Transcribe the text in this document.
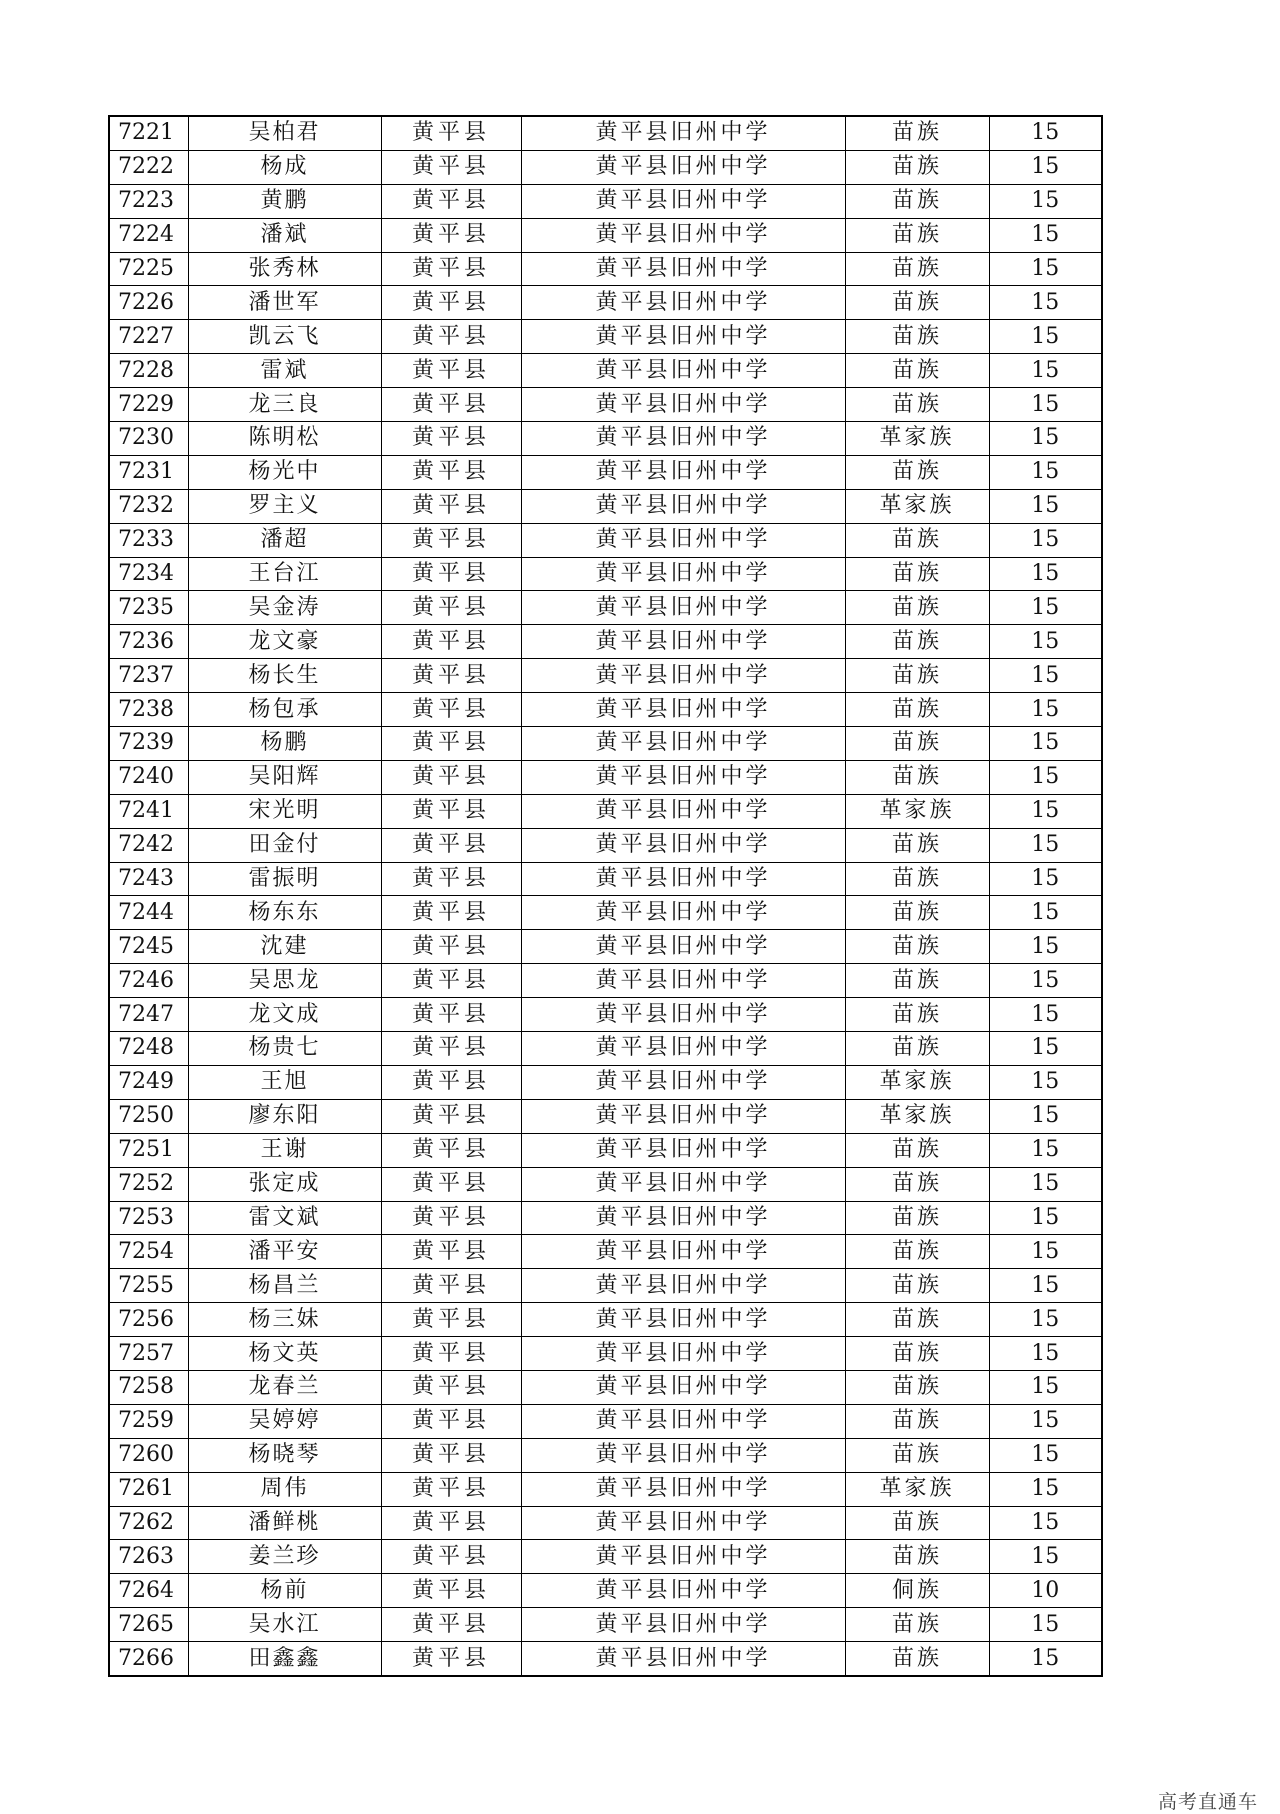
7221	吴柏君	黄平县	黄平县旧州中学	苗族	15
7222	杨成	黄平县	黄平县旧州中学	苗族	15
7223	黄鹏	黄平县	黄平县旧州中学	苗族	15
7224	潘斌	黄平县	黄平县旧州中学	苗族	15
7225	张秀林	黄平县	黄平县旧州中学	苗族	15
7226	潘世军	黄平县	黄平县旧州中学	苗族	15
7227	凯云飞	黄平县	黄平县旧州中学	苗族	15
7228	雷斌	黄平县	黄平县旧州中学	苗族	15
7229	龙三良	黄平县	黄平县旧州中学	苗族	15
7230	陈明松	黄平县	黄平县旧州中学	革家族	15
7231	杨光中	黄平县	黄平县旧州中学	苗族	15
7232	罗主义	黄平县	黄平县旧州中学	革家族	15
7233	潘超	黄平县	黄平县旧州中学	苗族	15
7234	王台江	黄平县	黄平县旧州中学	苗族	15
7235	吴金涛	黄平县	黄平县旧州中学	苗族	15
7236	龙文豪	黄平县	黄平县旧州中学	苗族	15
7237	杨长生	黄平县	黄平县旧州中学	苗族	15
7238	杨包承	黄平县	黄平县旧州中学	苗族	15
7239	杨鹏	黄平县	黄平县旧州中学	苗族	15
7240	吴阳辉	黄平县	黄平县旧州中学	苗族	15
7241	宋光明	黄平县	黄平县旧州中学	革家族	15
7242	田金付	黄平县	黄平县旧州中学	苗族	15
7243	雷振明	黄平县	黄平县旧州中学	苗族	15
7244	杨东东	黄平县	黄平县旧州中学	苗族	15
7245	沈建	黄平县	黄平县旧州中学	苗族	15
7246	吴思龙	黄平县	黄平县旧州中学	苗族	15
7247	龙文成	黄平县	黄平县旧州中学	苗族	15
7248	杨贵七	黄平县	黄平县旧州中学	苗族	15
7249	王旭	黄平县	黄平县旧州中学	革家族	15
7250	廖东阳	黄平县	黄平县旧州中学	革家族	15
7251	王谢	黄平县	黄平县旧州中学	苗族	15
7252	张定成	黄平县	黄平县旧州中学	苗族	15
7253	雷文斌	黄平县	黄平县旧州中学	苗族	15
7254	潘平安	黄平县	黄平县旧州中学	苗族	15
7255	杨昌兰	黄平县	黄平县旧州中学	苗族	15
7256	杨三妹	黄平县	黄平县旧州中学	苗族	15
7257	杨文英	黄平县	黄平县旧州中学	苗族	15
7258	龙春兰	黄平县	黄平县旧州中学	苗族	15
7259	吴婷婷	黄平县	黄平县旧州中学	苗族	15
7260	杨晓琴	黄平县	黄平县旧州中学	苗族	15
7261	周伟	黄平县	黄平县旧州中学	革家族	15
7262	潘鲜桃	黄平县	黄平县旧州中学	苗族	15
7263	姜兰珍	黄平县	黄平县旧州中学	苗族	15
7264	杨前	黄平县	黄平县旧州中学	侗族	10
7265	吴水江	黄平县	黄平县旧州中学	苗族	15
7266	田鑫鑫	黄平县	黄平县旧州中学	苗族	15
高考直通车
